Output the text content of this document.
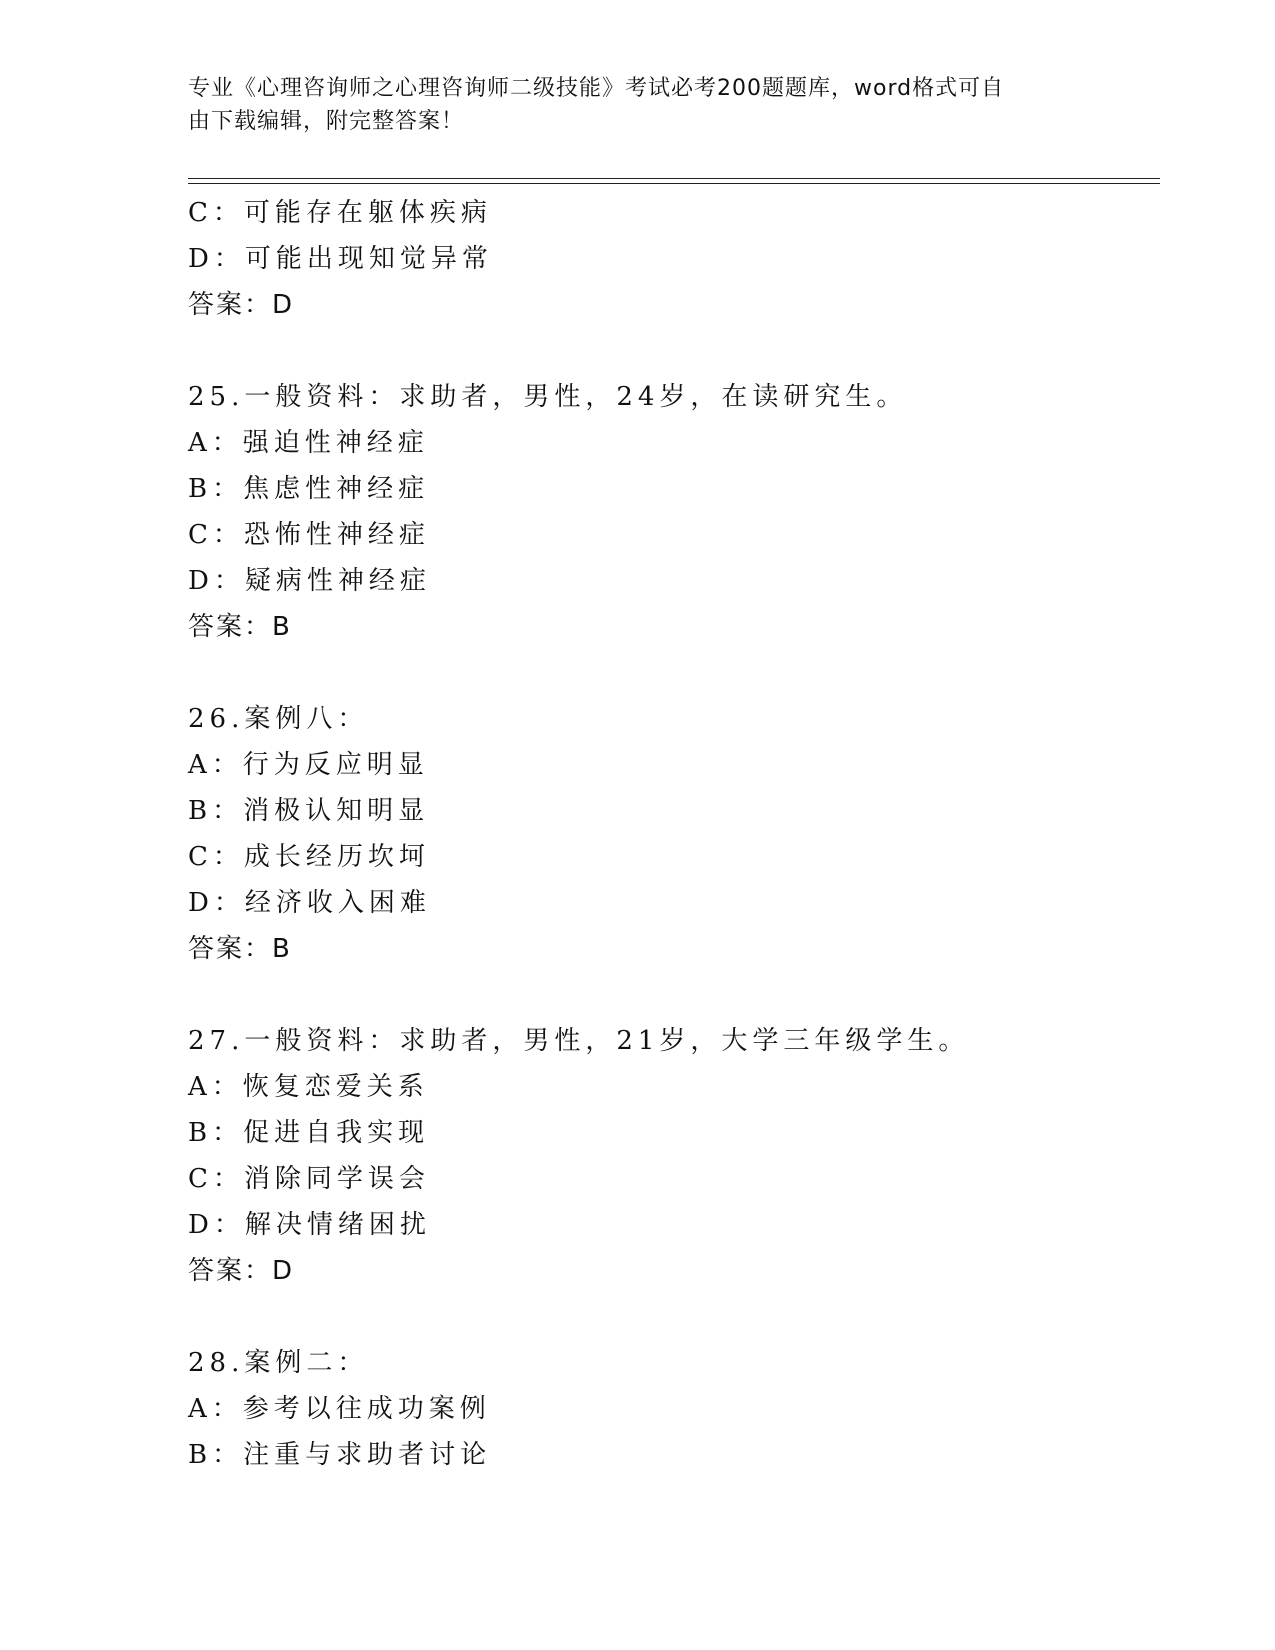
专业《心理咨询师之心理咨询师二级技能》考试必考200题题库，word格式可自
由下载编辑，附完整答案！
C：可能存在躯体疾病
D：可能出现知觉异常
答案：D
25.一般资料：求助者，男性，24岁，在读研究生。
A：强迫性神经症
B：焦虑性神经症
C：恐怖性神经症
D：疑病性神经症
答案：B
26.案例八：
A：行为反应明显
B：消极认知明显
C：成长经历坎坷
D：经济收入困难
答案：B
27.一般资料：求助者，男性，21岁，大学三年级学生。
A：恢复恋爱关系
B：促进自我实现
C：消除同学误会
D：解决情绪困扰
答案：D
28.案例二：
A：参考以往成功案例
B：注重与求助者讨论
